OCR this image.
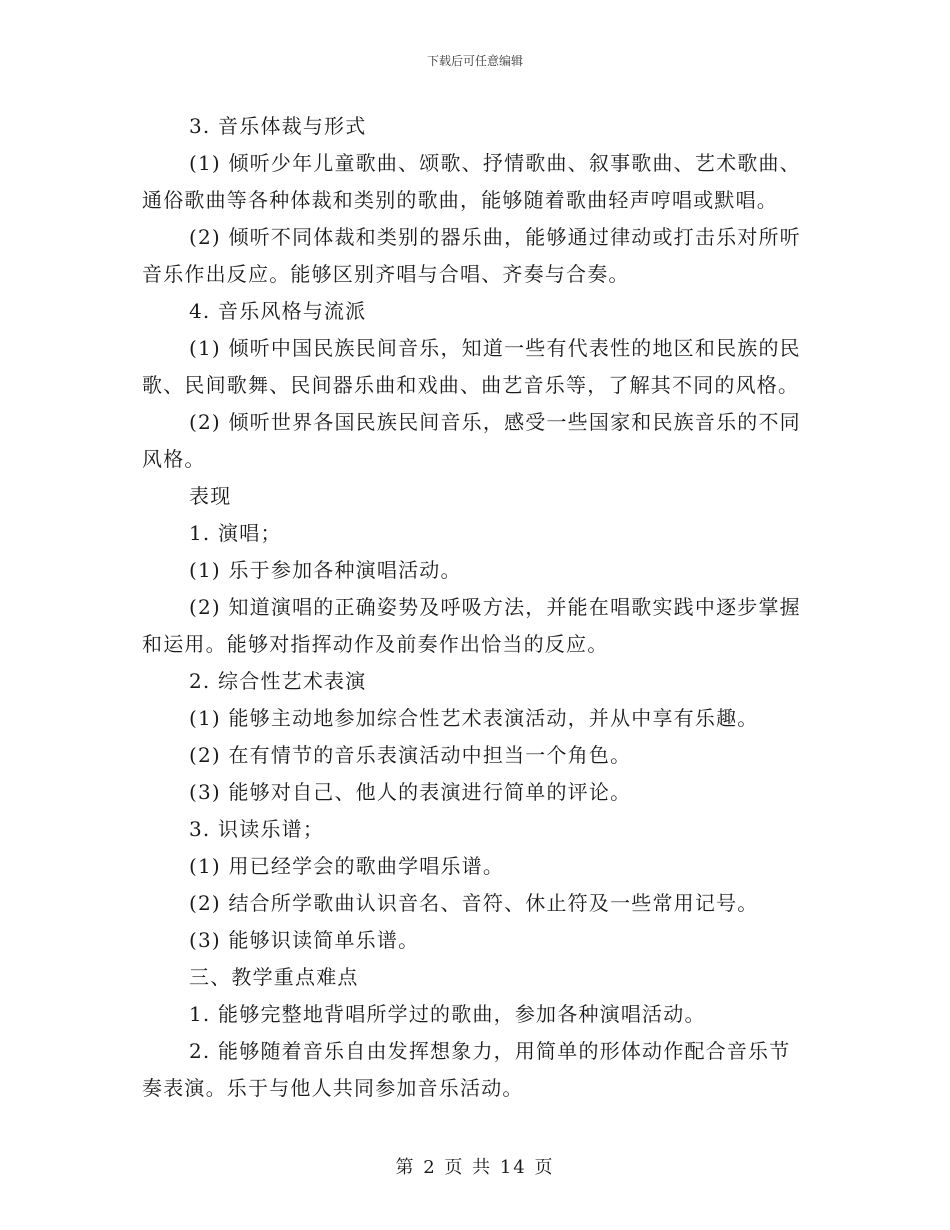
下载后可任意编辑
3. 音乐体裁与形式
(1) 倾听少年儿童歌曲、颂歌、抒情歌曲、叙事歌曲、艺术歌曲、
通俗歌曲等各种体裁和类别的歌曲，能够随着歌曲轻声哼唱或默唱。
(2) 倾听不同体裁和类别的器乐曲，能够通过律动或打击乐对所听
音乐作出反应。能够区别齐唱与合唱、齐奏与合奏。
4. 音乐风格与流派
(1) 倾听中国民族民间音乐，知道一些有代表性的地区和民族的民
歌、民间歌舞、民间器乐曲和戏曲、曲艺音乐等，了解其不同的风格。
(2) 倾听世界各国民族民间音乐，感受一些国家和民族音乐的不同
风格。
表现
1. 演唱；
(1) 乐于参加各种演唱活动。
(2) 知道演唱的正确姿势及呼吸方法，并能在唱歌实践中逐步掌握
和运用。能够对指挥动作及前奏作出恰当的反应。
2. 综合性艺术表演
(1) 能够主动地参加综合性艺术表演活动，并从中享有乐趣。
(2) 在有情节的音乐表演活动中担当一个角色。
(3) 能够对自己、他人的表演进行简单的评论。
3. 识读乐谱；
(1) 用已经学会的歌曲学唱乐谱。
(2) 结合所学歌曲认识音名、音符、休止符及一些常用记号。
(3) 能够识读简单乐谱。
三、教学重点难点
1. 能够完整地背唱所学过的歌曲，参加各种演唱活动。
2. 能够随着音乐自由发挥想象力，用简单的形体动作配合音乐节
奏表演。乐于与他人共同参加音乐活动。
第 2 页 共 14 页
